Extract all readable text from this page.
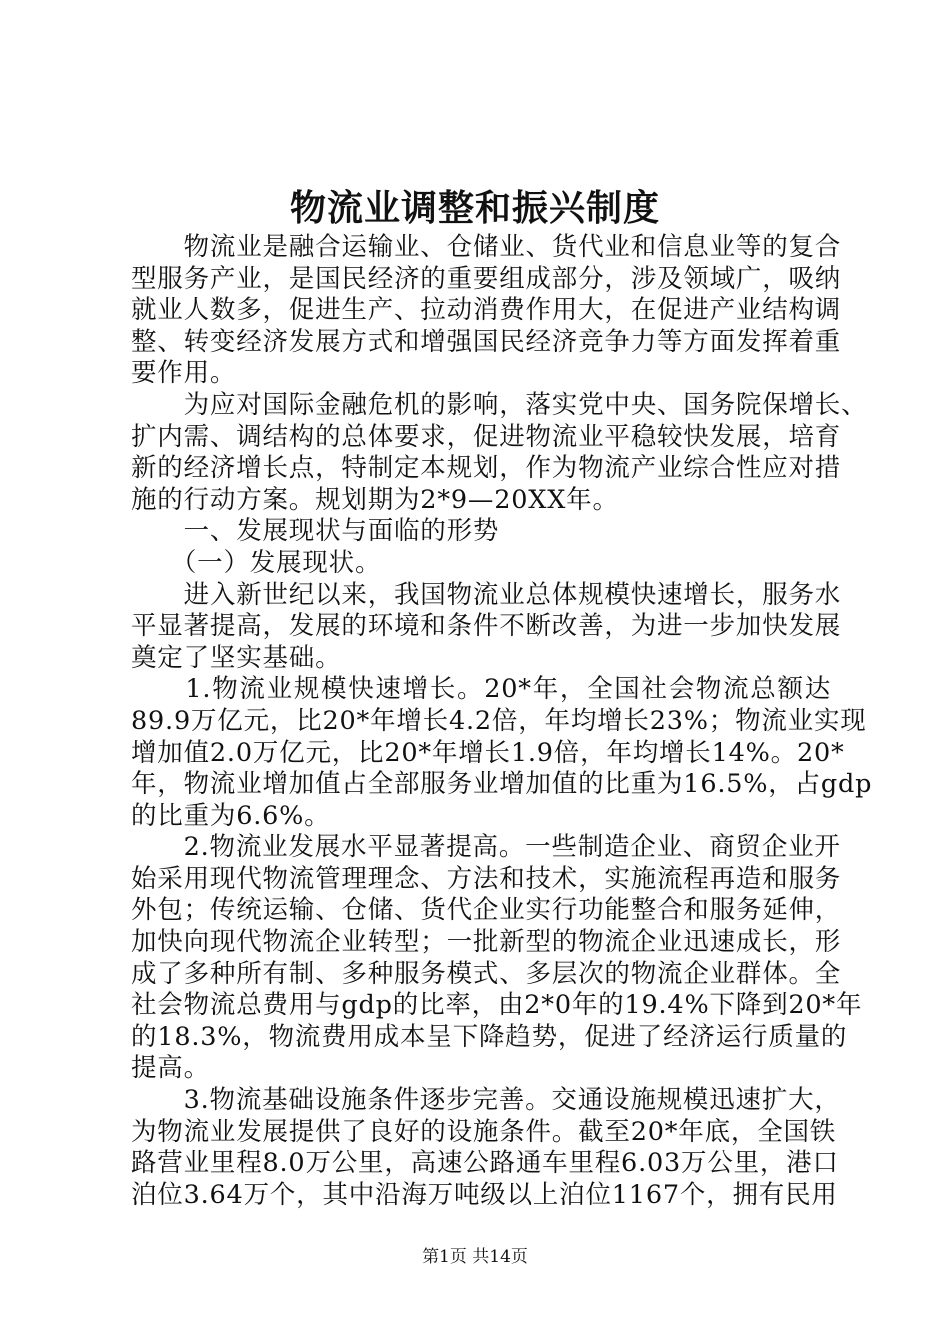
物流业调整和振兴制度
　　物流业是融合运输业、仓储业、货代业和信息业等的复合
型服务产业，是国民经济的重要组成部分，涉及领域广，吸纳
就业人数多，促进生产、拉动消费作用大，在促进产业结构调
整、转变经济发展方式和增强国民经济竞争力等方面发挥着重
要作用。
　　为应对国际金融危机的影响，落实党中央、国务院保增长、
扩内需、调结构的总体要求，促进物流业平稳较快发展，培育
新的经济增长点，特制定本规划，作为物流产业综合性应对措
施的行动方案。规划期为2*9—20XX年。
　　一、发展现状与面临的形势
　　（一）发展现状。
　　进入新世纪以来，我国物流业总体规模快速增长，服务水
平显著提高，发展的环境和条件不断改善，为进一步加快发展
奠定了坚实基础。
　　1.物流业规模快速增长。20*年，全国社会物流总额达
89.9万亿元，比20*年增长4.2倍，年均增长23%；物流业实现
增加值2.0万亿元，比20*年增长1.9倍，年均增长14%。20*
年，物流业增加值占全部服务业增加值的比重为16.5%，占gdp
的比重为6.6%。
　　2.物流业发展水平显著提高。一些制造企业、商贸企业开
始采用现代物流管理理念、方法和技术，实施流程再造和服务
外包；传统运输、仓储、货代企业实行功能整合和服务延伸，
加快向现代物流企业转型；一批新型的物流企业迅速成长，形
成了多种所有制、多种服务模式、多层次的物流企业群体。全
社会物流总费用与gdp的比率，由2*0年的19.4%下降到20*年
的18.3%，物流费用成本呈下降趋势，促进了经济运行质量的
提高。
　　3.物流基础设施条件逐步完善。交通设施规模迅速扩大，
为物流业发展提供了良好的设施条件。截至20*年底，全国铁
路营业里程8.0万公里，高速公路通车里程6.03万公里，港口
泊位3.64万个，其中沿海万吨级以上泊位1167个，拥有民用
第1页 共14页
